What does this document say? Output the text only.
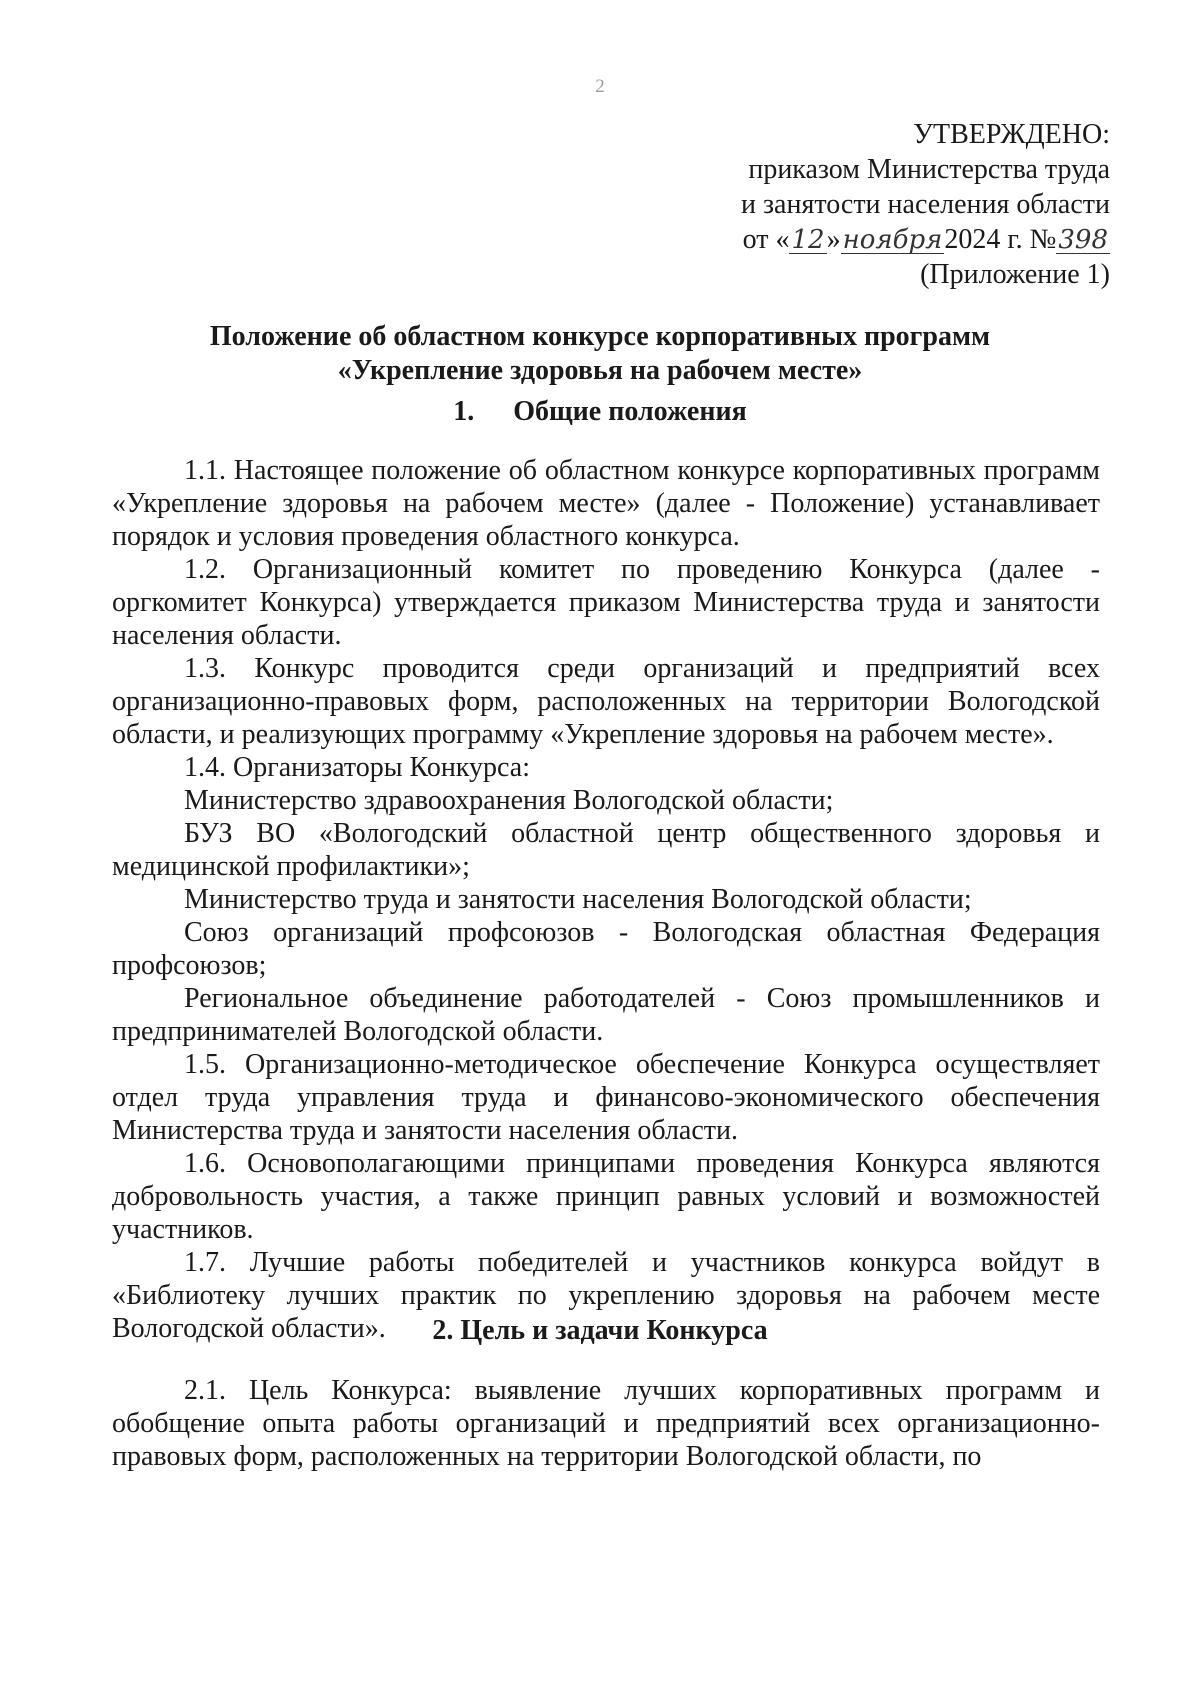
2
УТВЕРЖДЕНО:
приказом Министерства труда
и занятости населения области
от «12»ноября2024 г. №398
(Приложение 1)
Положение об областном конкурсе корпоративных программ
«Укрепление здоровья на рабочем месте»
1. Общие положения

1.1. Настоящее положение об областном конкурсе корпоративных программ «Укрепление здоровья на рабочем месте» (далее - Положение) устанавливает порядок и условия проведения областного конкурса.

1.2. Организационный комитет по проведению Конкурса (далее - оргкомитет Конкурса) утверждается приказом Министерства труда и занятости населения области.

1.3. Конкурс проводится среди организаций и предприятий всех организационно-правовых форм, расположенных на территории Вологодской области, и реализующих программу «Укрепление здоровья на рабочем месте».

1.4. Организаторы Конкурса:

Министерство здравоохранения Вологодской области;

БУЗ ВО «Вологодский областной центр общественного здоровья и медицинской профилактики»;

Министерство труда и занятости населения Вологодской области;

Союз организаций профсоюзов - Вологодская областная Федерация профсоюзов;

Региональное объединение работодателей - Союз промышленников и предпринимателей Вологодской области.

1.5. Организационно-методическое обеспечение Конкурса осуществляет отдел труда управления труда и финансово-экономического обеспечения Министерства труда и занятости населения области.

1.6. Основополагающими принципами проведения Конкурса являются добровольность участия, а также принцип равных условий и возможностей участников.

1.7. Лучшие работы победителей и участников конкурса войдут в «Библиотеку лучших практик по укреплению здоровья на рабочем месте Вологодской области».	2. Цель и задачи Конкурса

2.1. Цель Конкурса: выявление лучших корпоративных программ и обобщение опыта работы организаций и предприятий всех организационно-правовых форм, расположенных на территории Вологодской области, по
